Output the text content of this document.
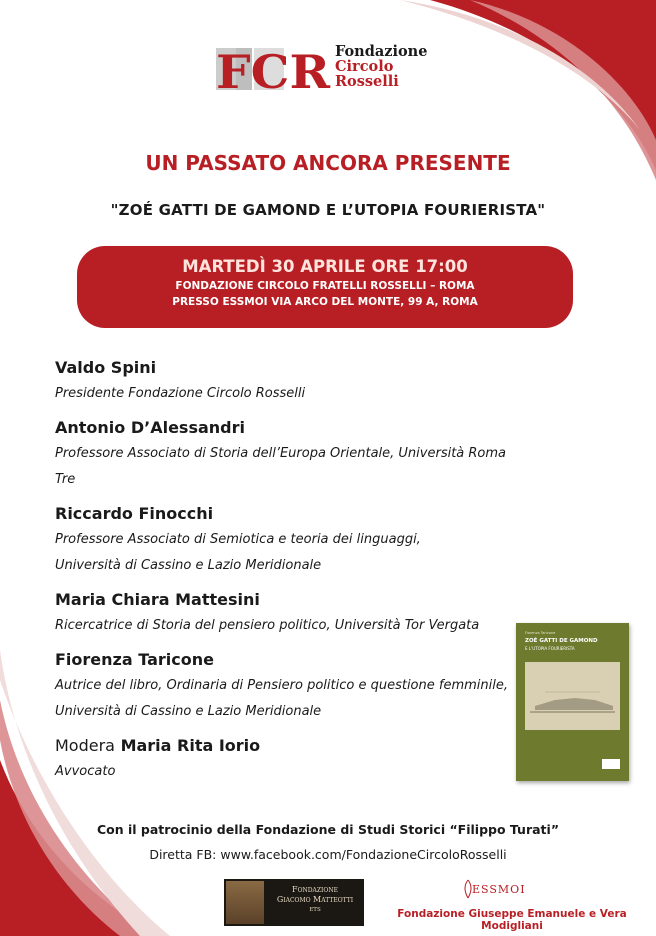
FCR Fondazione
Circolo
Rosselli
UN PASSATO ANCORA PRESENTE
"ZOÉ GATTI DE GAMOND E L’UTOPIA FOURIERISTA"
MARTEDÌ 30 APRILE ORE 17:00
FONDAZIONE CIRCOLO FRATELLI ROSSELLI – ROMA
PRESSO ESSMOI VIA ARCO DEL MONTE, 99 A, ROMA
Valdo Spini
Presidente Fondazione Circolo Rosselli
Antonio D’Alessandri
Professore Associato di Storia dell’Europa Orientale, Università Roma Tre
Riccardo Finocchi
Professore Associato di Semiotica e teoria dei linguaggi,
Università di Cassino e Lazio Meridionale
Maria Chiara Mattesini
Ricercatrice di Storia del pensiero politico, Università Tor Vergata
Fiorenza Taricone
Autrice del libro, Ordinaria di Pensiero politico e questione femminile,
Università di Cassino e Lazio Meridionale
Modera Maria Rita Iorio
Avvocato
Fiorenza Taricone
ZOÉ GATTI DE GAMOND
E L’UTOPIA FOURIERISTA
Con il patrocinio della Fondazione di Studi Storici “Filippo Turati”
Diretta FB: www.facebook.com/FondazioneCircoloRosselli
Fondazione
Giacomo Matteotti
ETS
ESSMOI
Fondazione Giuseppe Emanuele e Vera Modigliani
